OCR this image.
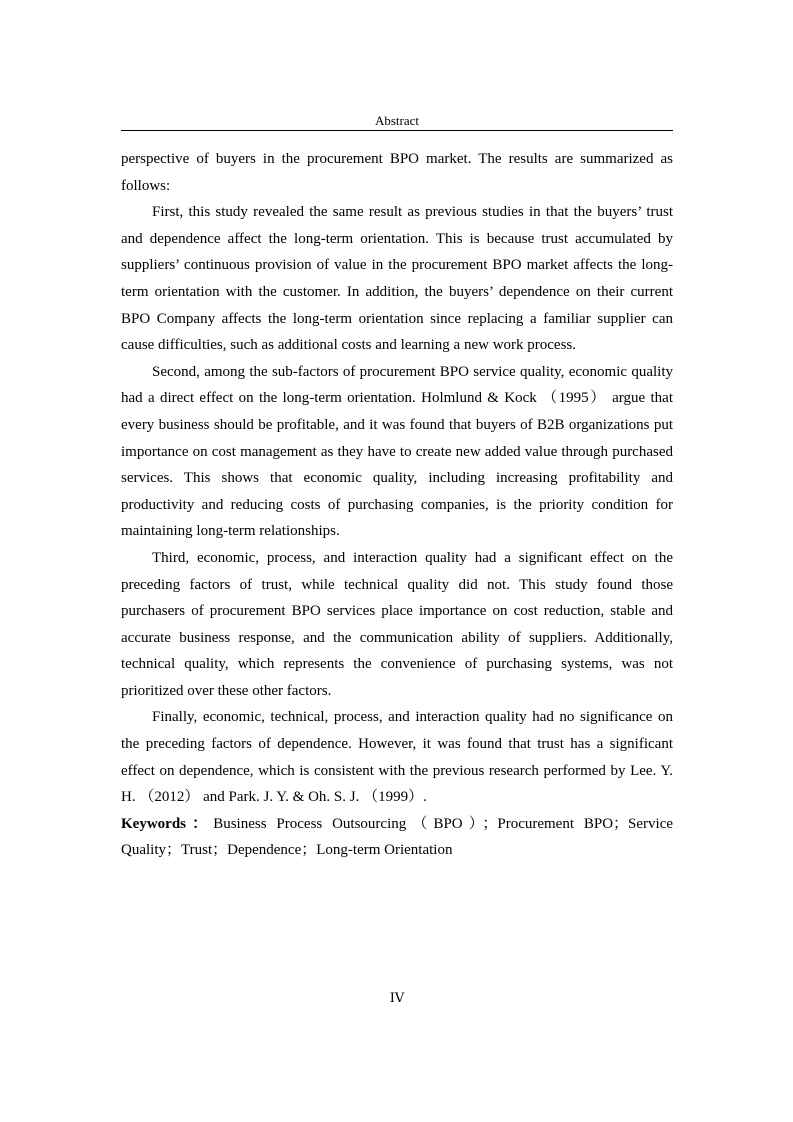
Abstract

perspective of buyers in the procurement BPO market. The results are summarized as follows:

First, this study revealed the same result as previous studies in that the buyers’ trust and dependence affect the long-term orientation. This is because trust accumulated by suppliers’ continuous provision of value in the procurement BPO market affects the long-term orientation with the customer. In addition, the buyers’ dependence on their current BPO Company affects the long-term orientation since replacing a familiar supplier can cause difficulties, such as additional costs and learning a new work process.

Second, among the sub-factors of procurement BPO service quality, economic quality had a direct effect on the long-term orientation. Holmlund & Kock （1995） argue that every business should be profitable, and it was found that buyers of B2B organizations put importance on cost management as they have to create new added value through purchased services. This shows that economic quality, including increasing profitability and productivity and reducing costs of purchasing companies, is the priority condition for maintaining long-term relationships.

Third, economic, process, and interaction quality had a significant effect on the preceding factors of trust, while technical quality did not. This study found those purchasers of procurement BPO services place importance on cost reduction, stable and accurate business response, and the communication ability of suppliers. Additionally, technical quality, which represents the convenience of purchasing systems, was not prioritized over these other factors.

Finally, economic, technical, process, and interaction quality had no significance on the preceding factors of dependence. However, it was found that trust has a significant effect on dependence, which is consistent with the previous research performed by Lee. Y. H. （2012） and Park. J. Y. & Oh. S. J. （1999）.

Keywords：Business Process Outsourcing（BPO）；Procurement BPO；Service Quality；Trust；Dependence；Long-term Orientation

IV
